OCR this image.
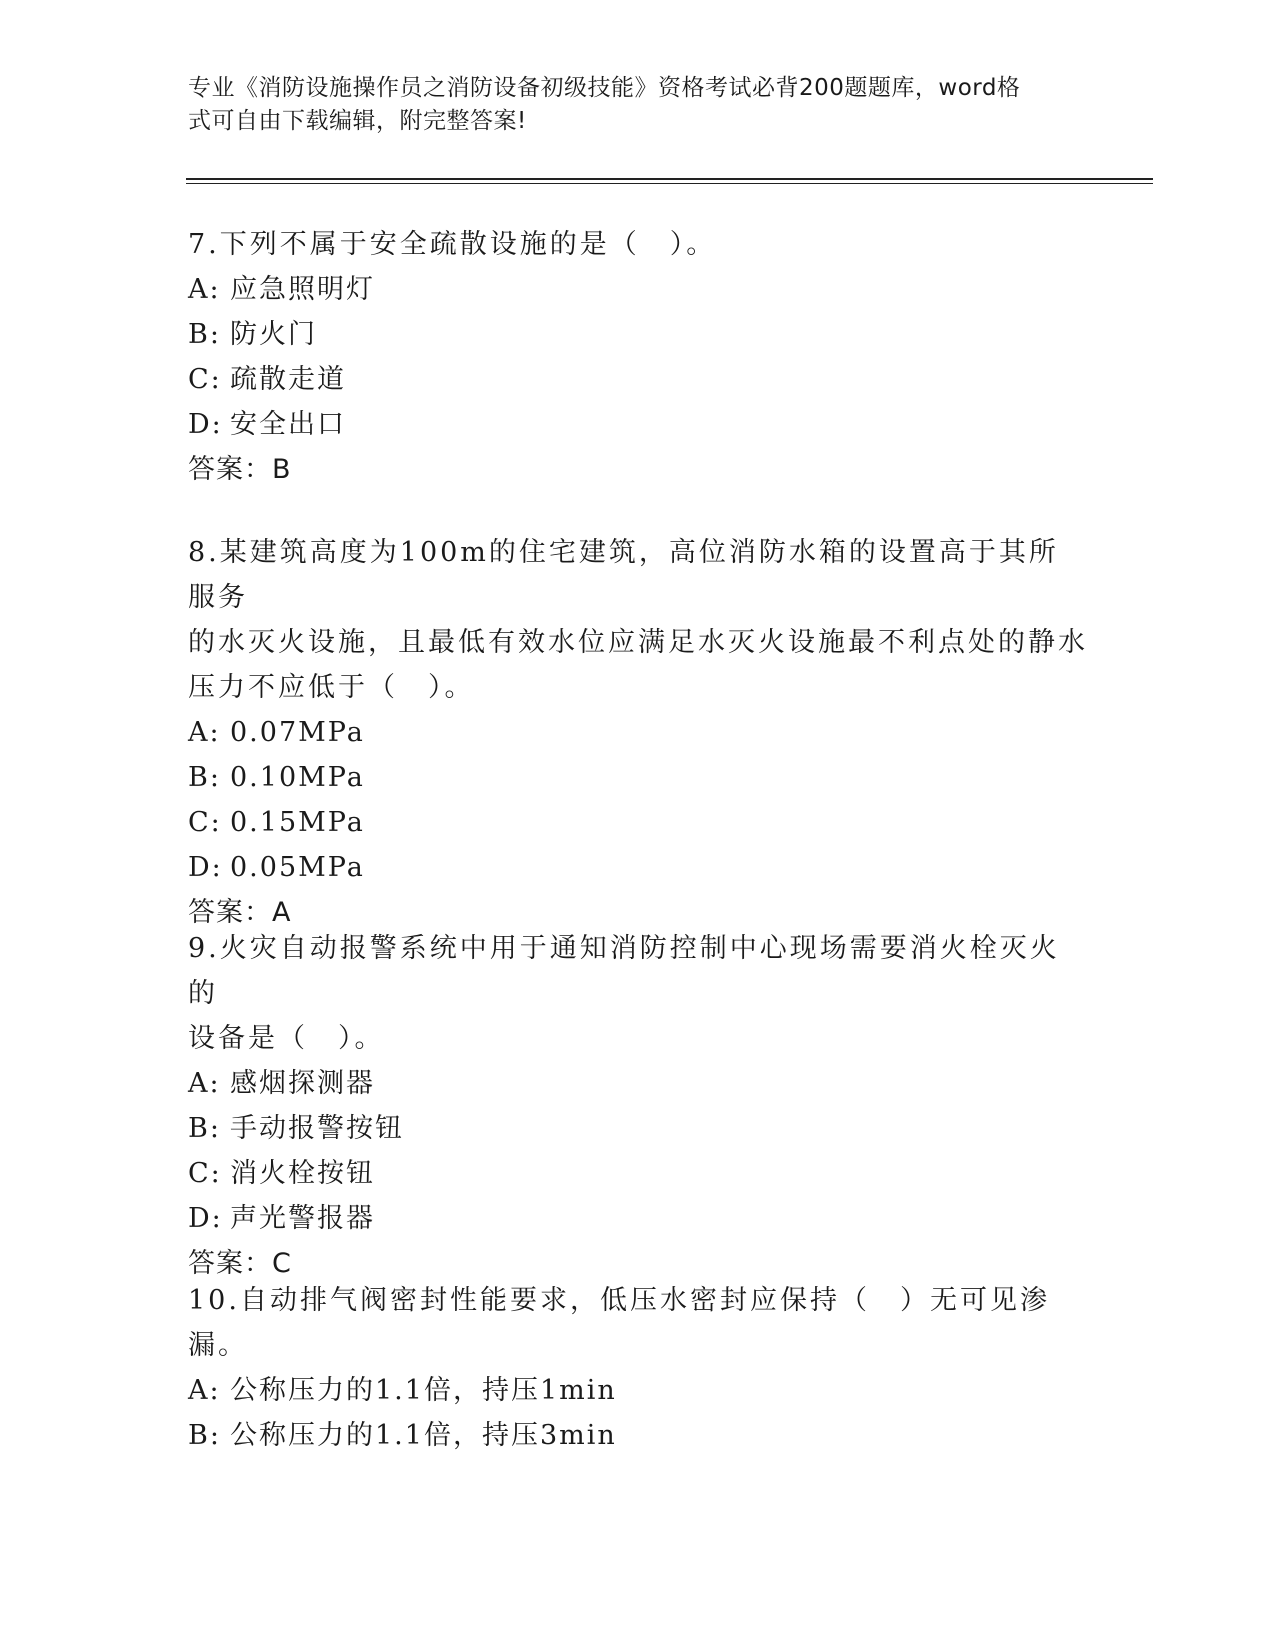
专业《消防设施操作员之消防设备初级技能》资格考试必背200题题库，word格
式可自由下载编辑，附完整答案!

7.下列不属于安全疏散设施的是（　）。

A: 应急照明灯

B: 防火门

C: 疏散走道

D: 安全出口

答案：B

8.某建筑高度为100m的住宅建筑，高位消防水箱的设置高于其所服务

的水灭火设施，且最低有效水位应满足水灭火设施最不利点处的静水

压力不应低于（　）。

A: 0.07MPa

B: 0.10MPa

C: 0.15MPa

D: 0.05MPa

答案：A

9.火灾自动报警系统中用于通知消防控制中心现场需要消火栓灭火的

设备是（　）。

A: 感烟探测器

B: 手动报警按钮

C: 消火栓按钮

D: 声光警报器

答案：C

10.自动排气阀密封性能要求，低压水密封应保持（　）无可见渗漏。

A: 公称压力的1.1倍，持压1min

B: 公称压力的1.1倍，持压3min
